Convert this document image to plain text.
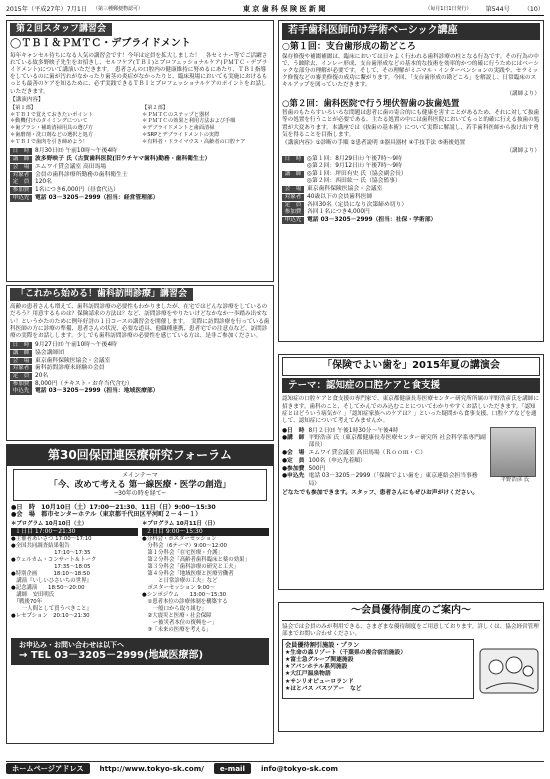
2015年（平成27年）7月1日 （第三種郵便物認可）	東 京 歯 科 保 険 医 新 聞	（毎月1日1日発行） 第544号 （10）
第２回スタッフ講習会
◯ＴＢＩ＆ＰＭＴＣ・デブライドメント
毎年キャンセル待ちになる人気の講習会です！今年は定員を拡大しました！　各セミナー等でご活躍されている故多野映子先生をお招きし、セルフケア(ＴＢＩ)とプロフェッショナルケア(ＰＭＴＣ・デブライドメント)について講演いただきます。　患者さんの口腔内の健康維持に努めるにあたり、ＴＢＩ指導をしているのに歯が汚れがなかったり歯茎の炎症がなかったりと、臨床現場においても実施におけるもっとも最善のケアを知るために、必ず実践できるＴＢＩとプロフェッショナルケアのポイントをお話しいただきます。
【講演内容】
【第１部】
＊ＴＢＩで覚えておきたいポイント
＊動機付けのタイミングについて
＊歯ブラシ・補助清掃用具の選び方
＊歯磨剤・洗口剤などの選択と処方
＊ＴＢＩで歯肉を引き締めよう！
【第２部】
＊ＰＭＴＣのステップと器材
＊ＰＭＴＣの効果と利用方法および手順
＊デブライドメントと歯面清掃
＊SRPとデブライドメントの実際
＊有料者・ドライマウス・高齢者の口腔ケア
日　時 8月30日㈰ 午前10時～午後4時
講　師 波多野映子 氏（古賀歯科医院(旧ウチヤマ歯科)勤務・歯科衛生士）
会　場 エムワイ貸会議室 高田馬場
対象者 会員の歯科診療所勤務の歯科衛生士
定　員 120名
参加費 1名につき6,000円（昼食代込）
申込先 電話 03－3205－2999（担当：経営管理部）
「これから始める！歯科訪問診療」講習会
高齢の患者さんも増えて、歯科訪問診療の必要性もわかりましたが、在宅ではどんな診療をしているのだろう？用意するものは？保険請求の方法は？など、訪問診療をやりたいけどなかなか一歩踏み出せない！というかたのために例年好評の１日コースの講習会を開催します。　実際に訪問診療を行っている歯科医師の方に診療の準備、患者さんの状況、必要な道具、他職種連携、患者宅での注意点など、訪問診療の実際をお話しします。少しでも歯科訪問診療の必要性を感じている方は、是非ご参加ください。
日　時 9月27日㈰ 午前10時～午後4時
講　師 協会講師団
会　場 東京歯科保険医協会・会議室
対象者 歯科訪問診療未経験の会員
定　員 20名
参加費 8,000円（テキスト・お弁当代含む）
申込先 電話 03－3205－2999（担当：地域医療部）
第30回保団連医療研究フォーラム
メインテーマ
「今、改めて考える 第一線医療・医学の創造」
─30年の時を経て─
●日　時　10月10日（土）17:00～21:30、11日（日）9:00～15:30
●会　場　都市センターホテル（東京都千代田区平河町２－４－１）
＊プログラム 10月10日（土）
１日目 17:00～21:30
●主催者あいさつ 17:00～17:10
●全国共同調査結果報告
　　　　　　　　17:10～17:35
●ウェルカム・コンサート＆トーク
　　　　　　　　17:35～18:05
●特別企画　　　18:10～18:50
　講演『いしいひさいちの世界』
●記念講演　　18:50～20:00
　講師　安田明氏
　『戦後70年
　　一人間として買うべきこと』
●レセプション　20:10～21:30
＊プログラム 10月11日（日）
２日目 9:00～15:30
●分科会・ポスターセッション
　分科会（6テーマ）9:00～12:00
　第１分科会「在宅医療・介護」
　第２分科会「高齢者歯科臨床と薬の効果」
　第３分科会「歯科診療の研究と工夫」
　第４分科会「地域医療と医療労働者
　　　と日常診療の工夫」など
　ポスターセッション 9:00～
●シンポジウム　　13:00～15:30
　①患者本位の診療体制を構築する
　　一般口から取り組む」
　②大震災と医療・社会保障
　　ー被災者本位の復興をー」
　③「未来の医療を考える」
お申込み・お問い合わせは以下へ
→ TEL 03－3205－2999(地域医療部)
若手歯科医師向け学術ベーシック講座
○第１回：支台歯形成の勘どころ
保存修復や補綴補綴は、臨床においては日々よく行われる歯科診療の柱となる行為です。その行為の中で、う蝕除去、インレー形成、支台歯形成などの基本的な技術を効率的かつ的確に行うためにはベーシックな部分の理解が必要です。そして、その理解がミニマル・インターベンションの実践や、セラミック修復などの審美修復の成功に繋がります。今回、「支台歯形成の勘どころ」を解説し、日常臨床のスキルアップを図っていただきます。
（講師より）
○第２回：歯科医院で行う埋伏智歯の抜歯処置
智歯のもたらすいろいろな問題は患者に歯の寄合的にも健康を害すことがあるため、それに対して抜歯等の処置を行うことが必要である。主たる処置の中には歯科医院においてもっと的確に行える抜歯の処置が大変あります。本講座では《抜歯の基本術》について実際に解説し、若手歯科医師から抜け出す勇気を得ることを目指します。
《講演内容》①診断の手順 ②患者説明 ③器具器材 ④手技手法 ⑤術後処置
（講師より）
日　時 ◎第１回：8月29日㈯ 午後7時～9時
◎第２回：9月12日㈯ 午後7時～9時
講　師 ◎第１回：坪田有史 氏（協会副会長）
◎第２回：西田紘一 氏（協会監事）
会　場 東京歯科保険医協会・会議室
対象者 40歳以下の会員歯科医師
定　員 各回30名（定員になり次第締め切り）
参加費 各回１名につき4,000円
申込先 電話 03－3205－2999（担当：社保・学術部）
「保険でよい歯を」2015年夏の講演会
テーマ：認知症の口腔ケアと食支援
認知症の口腔ケアと食支援の専門家で、東京都健康長寿医療センター研究所所属の平野浩彦氏を講師に招きます。歯科のこと、そしてかんでのみ込むことについてわかりやすくお話しいただきます。「認知症とはどういう病気か？」「認知症家族へのケアは？」といった疑問から食事支援、口腔ケアなどを通して、認知症について考えてみませんか。
●日　時 8月２日㈰ 午後1時30分～午後4時
●講　師 平野浩彦 氏（東京都健康長寿医療センター研究所 社会科学系専門副部長）
●会　場 エムワイ貸会議室 高田馬場（Ｒｏｏｍ・Ｃ）
●定　員 100名（申込先着順）
●参加費 500円
●申込先 電話 03－3205－2999（「保険でよい歯を」東京連絡会担当事務局）
平野浩彦 氏
どなたでも参加できます。スタッフ、患者さんにもぜひお声がけください。
～会員優待制度のご案内～
協会では会員のみが利用できる、さまざまな優待制度をご用意しております。詳しくは、協会経営管理部までお問い合わせください。
会員優待割引施設・プラン
★生命の森リゾート（千葉県の複合宿泊施設）
★富士急グループ関連施設
★アパンホテル系列施設
★大江戸温泉物語
★サンリオピューロランド
★はとバス パスツアー　など
ホームページアドレス	http://www.tokyo-sk.com/	e-mail	info@tokyo-sk.com
